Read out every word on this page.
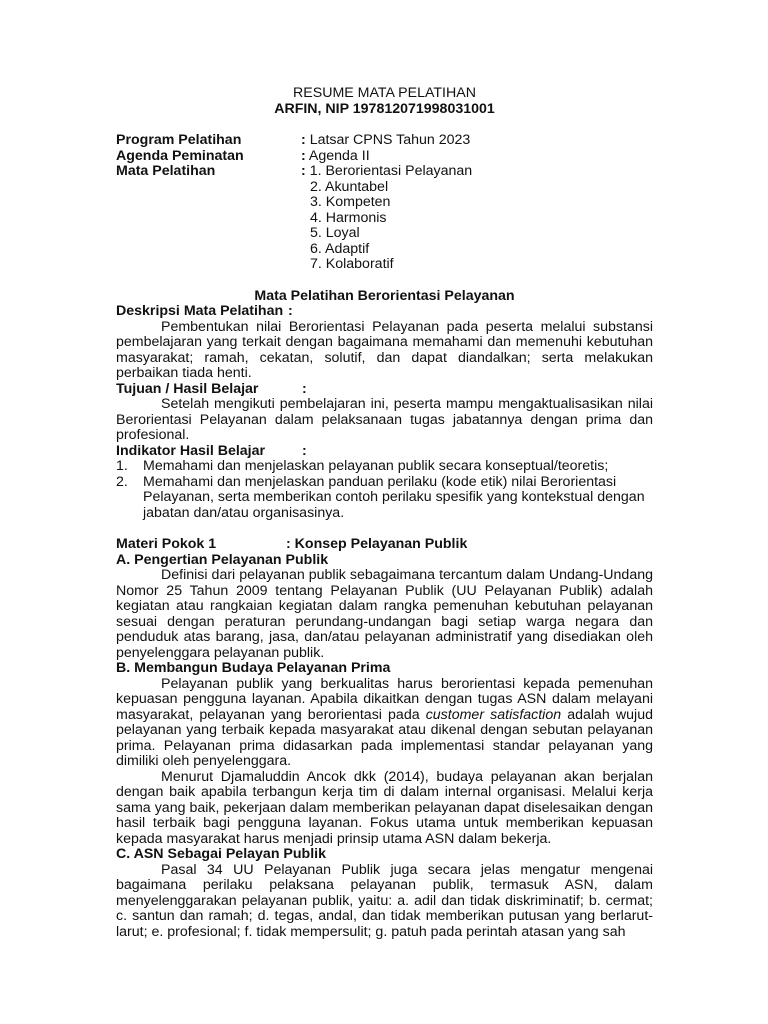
RESUME MATA PELATIHAN
ARFIN, NIP 197812071998031001
Program Pelatihan	: Latsar CPNS Tahun 2023
Agenda Peminatan	: Agenda II
Mata Pelatihan	: 1. Berorientasi Pelayanan
2. Akuntabel
3. Kompeten
4. Harmonis
5. Loyal
6. Adaptif
7. Kolaboratif
Mata Pelatihan Berorientasi Pelayanan
Deskripsi Mata Pelatihan :
Pembentukan nilai Berorientasi Pelayanan pada peserta melalui substansi pembelajaran yang terkait dengan bagaimana memahami dan memenuhi kebutuhan masyarakat; ramah, cekatan, solutif, dan dapat diandalkan; serta melakukan perbaikan tiada henti.
Tujuan / Hasil Belajar	:
Setelah mengikuti pembelajaran ini, peserta mampu mengaktualisasikan nilai Berorientasi Pelayanan dalam pelaksanaan tugas jabatannya dengan prima dan profesional.
Indikator Hasil Belajar	:
1.	Memahami dan menjelaskan pelayanan publik secara konseptual/teoretis;
2.	Memahami dan menjelaskan panduan perilaku (kode etik) nilai Berorientasi Pelayanan, serta memberikan contoh perilaku spesifik yang kontekstual dengan jabatan dan/atau organisasinya.
Materi Pokok 1	: Konsep Pelayanan Publik
A. Pengertian Pelayanan Publik
Definisi dari pelayanan publik sebagaimana tercantum dalam Undang-Undang Nomor 25 Tahun 2009 tentang Pelayanan Publik (UU Pelayanan Publik) adalah kegiatan atau rangkaian kegiatan dalam rangka pemenuhan kebutuhan pelayanan sesuai dengan peraturan perundang-undangan bagi setiap warga negara dan penduduk atas barang, jasa, dan/atau pelayanan administratif yang disediakan oleh penyelenggara pelayanan publik.
B. Membangun Budaya Pelayanan Prima
Pelayanan publik yang berkualitas harus berorientasi kepada pemenuhan kepuasan pengguna layanan. Apabila dikaitkan dengan tugas ASN dalam melayani masyarakat, pelayanan yang berorientasi pada customer satisfaction adalah wujud pelayanan yang terbaik kepada masyarakat atau dikenal dengan sebutan pelayanan prima. Pelayanan prima didasarkan pada implementasi standar pelayanan yang dimiliki oleh penyelenggara.
Menurut Djamaluddin Ancok dkk (2014), budaya pelayanan akan berjalan dengan baik apabila terbangun kerja tim di dalam internal organisasi. Melalui kerja sama yang baik, pekerjaan dalam memberikan pelayanan dapat diselesaikan dengan hasil terbaik bagi pengguna layanan. Fokus utama untuk memberikan kepuasan kepada masyarakat harus menjadi prinsip utama ASN dalam bekerja.
C. ASN Sebagai Pelayan Publik
Pasal 34 UU Pelayanan Publik juga secara jelas mengatur mengenai bagaimana perilaku pelaksana pelayanan publik, termasuk ASN, dalam menyelenggarakan pelayanan publik, yaitu: a. adil dan tidak diskriminatif; b. cermat; c. santun dan ramah; d. tegas, andal, dan tidak memberikan putusan yang berlarut-larut; e. profesional; f. tidak mempersulit; g. patuh pada perintah atasan yang sah
